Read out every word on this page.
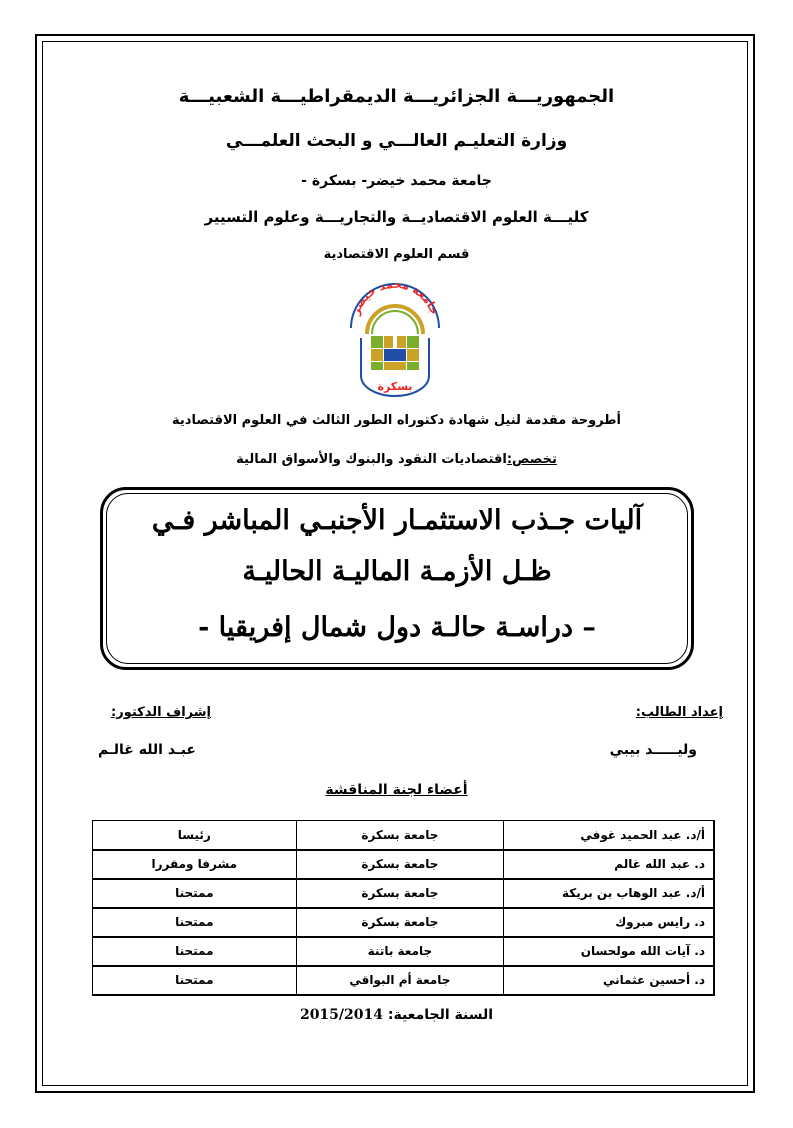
الجمهوريـــة الجزائريـــة الديمقراطيـــة الشعبيـــة
وزارة التعليـم العالـــي و البحث العلمـــي
جامعة محمد خيضر- بسكرة -
كليـــة العلوم الاقتصاديــة والتجاريـــة وعلوم التسيير
قسم العلوم الاقتصادية
جامعة محمد خيضر
بسكرة
أطروحة مقدمة لنيل شهادة دكتوراه الطور الثالث في العلوم الاقتصادية
تخصص:اقتصاديات النقود والبنوك والأسواق المالية
آليات جـذب الاستثمـار الأجنبـي المباشر فـي
ظـل الأزمـة الماليـة الحاليـة
– دراسـة حالـة دول شمال إفريقيا -
إعداد الطالب:
إشراف الدكتور:
وليـــــد بيبي
عبـد الله غالـم
أعضاء لجنة المناقشة
أ/د. عبد الحميد غوفي	جامعة بسكرة	رئيسا
د. عبد الله غالم	جامعة بسكرة	مشرفا ومقررا
أ/د. عبد الوهاب بن بريكة	جامعة بسكرة	ممتحنا
د. رايس مبروك	جامعة بسكرة	ممتحنا
د. آيات الله مولحسان	جامعة باتنة	ممتحنا
د. أحسين عثماني	جامعة أم البواقي	ممتحنا
السنة الجامعية: 2015/2014
